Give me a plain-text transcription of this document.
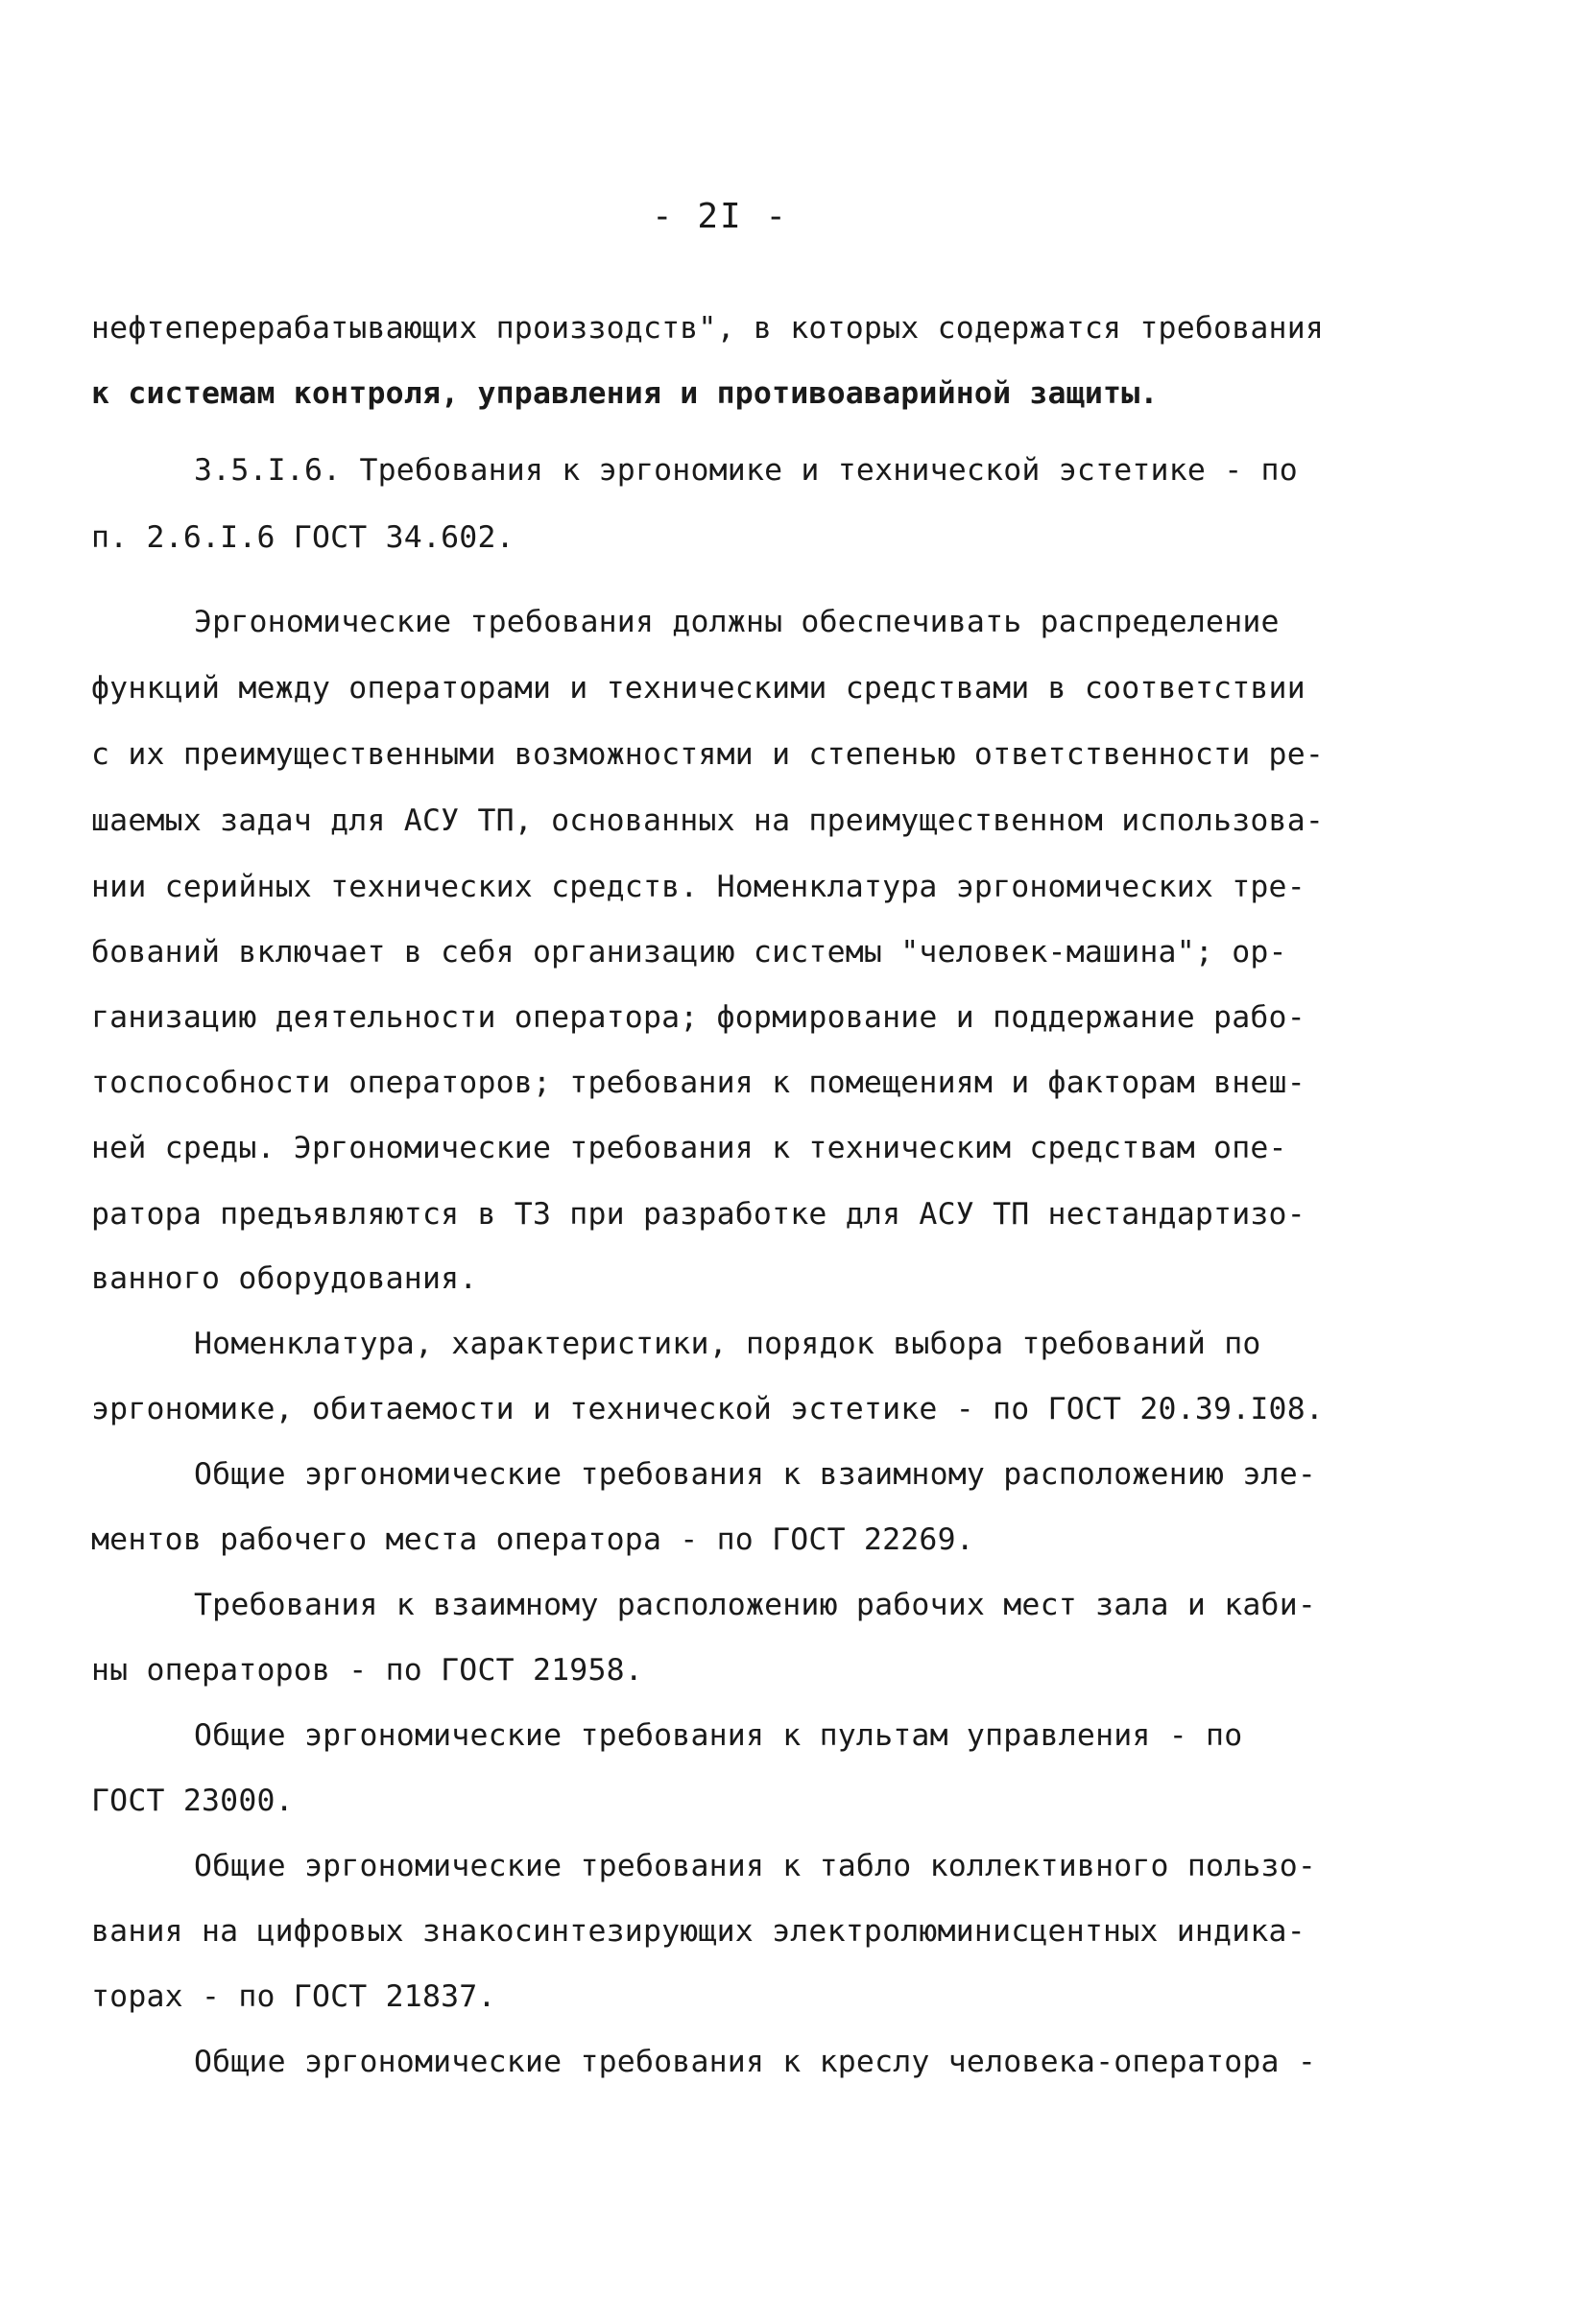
- 2I -
нефтеперерабатывающих произзодств", в которых содержатся требования
к системам контроля, управления и противоаварийной защиты.
3.5.I.6. Требования к эргономике и технической эстетике - по
п. 2.6.I.6 ГОСТ 34.602.
Эргономические требования должны обеспечивать распределение
функций между операторами и техническими средствами в соответствии
с их преимущественными возможностями и степенью ответственности ре-
шаемых задач для АСУ ТП, основанных на преимущественном использова-
нии серийных технических средств. Номенклатура эргономических тре-
бований включает в себя организацию системы "человек-машина"; ор-
ганизацию деятельности оператора; формирование и поддержание рабо-
тоспособности операторов; требования к помещениям и факторам внеш-
ней среды. Эргономические требования к техническим средствам опе-
ратора предъявляются в ТЗ при разработке для АСУ ТП нестандартизо-
ванного оборудования.
Номенклатура, характеристики, порядок выбора требований по
эргономике, обитаемости и технической эстетике - по ГОСТ 20.39.I08.
Общие эргономические требования к взаимному расположению эле-
ментов рабочего места оператора - по ГОСТ 22269.
Требования к взаимному расположению рабочих мест зала и каби-
ны операторов - по ГОСТ 21958.
Общие эргономические требования к пультам управления - по
ГОСТ 23000.
Общие эргономические требования к табло коллективного пользо-
вания на цифровых знакосинтезирующих электролюминисцентных индика-
торах - по ГОСТ 21837.
Общие эргономические требования к креслу человека-оператора -
